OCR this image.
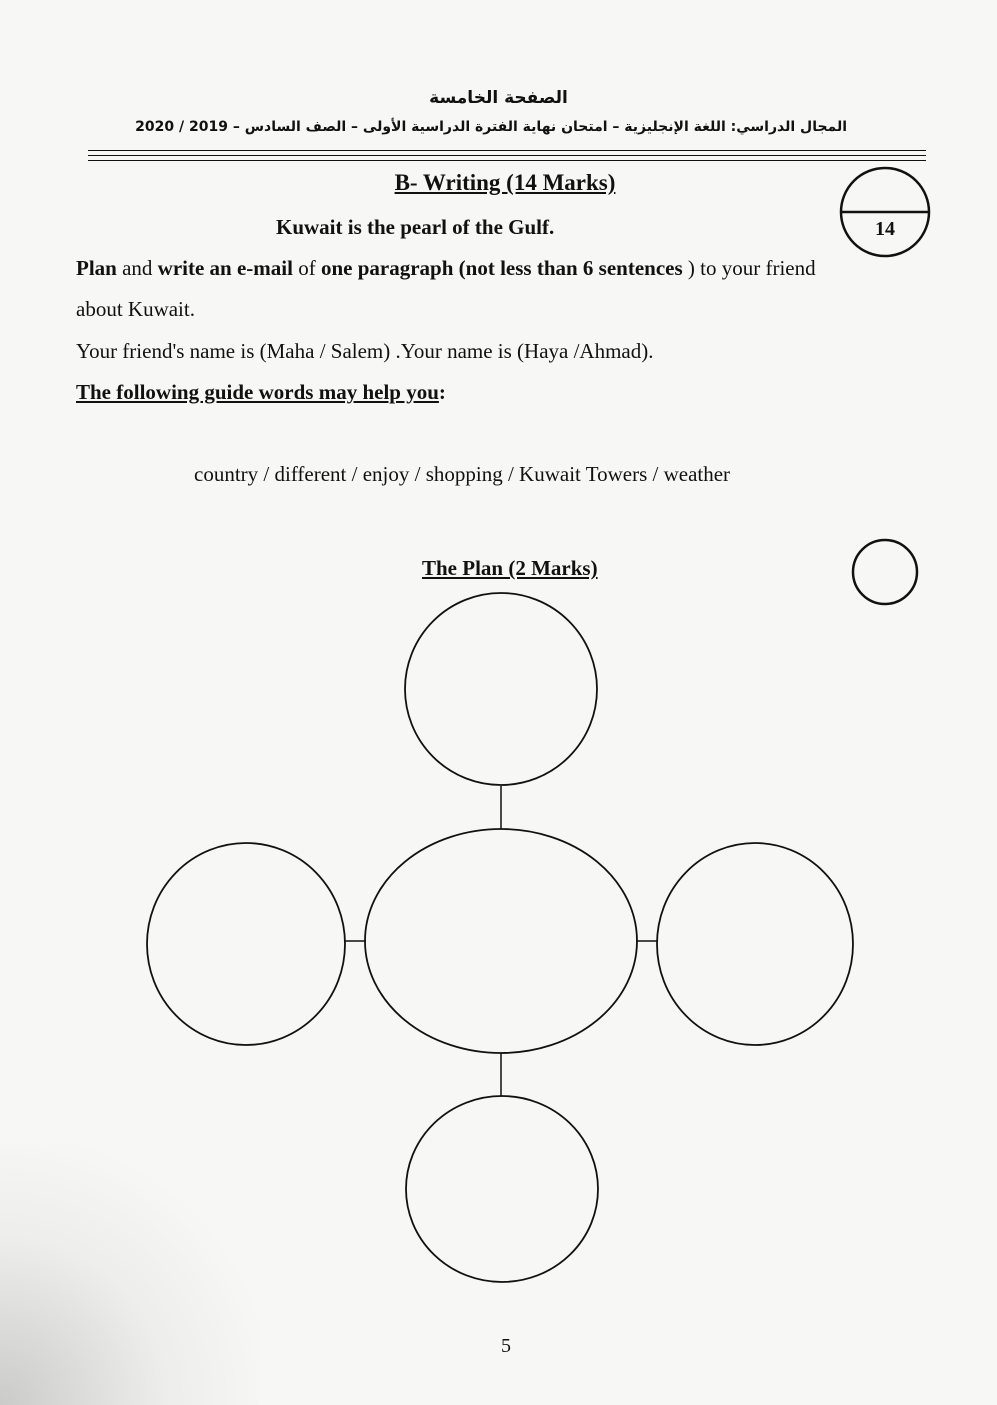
الصفحة الخامسة
المجال الدراسي: اللغة الإنجليزية – امتحان نهاية الفترة الدراسية الأولى – الصف السادس – 2019 / 2020
B- Writing (14 Marks)
Kuwait is the pearl of the Gulf.
Plan and write an e-mail of one paragraph (not less than 6 sentences ) to your friend
about Kuwait.
Your friend's name is (Maha / Salem) .Your name is (Haya /Ahmad).
The following guide words may help you:
country / different / enjoy / shopping / Kuwait Towers / weather
The Plan (2 Marks)
14
5
